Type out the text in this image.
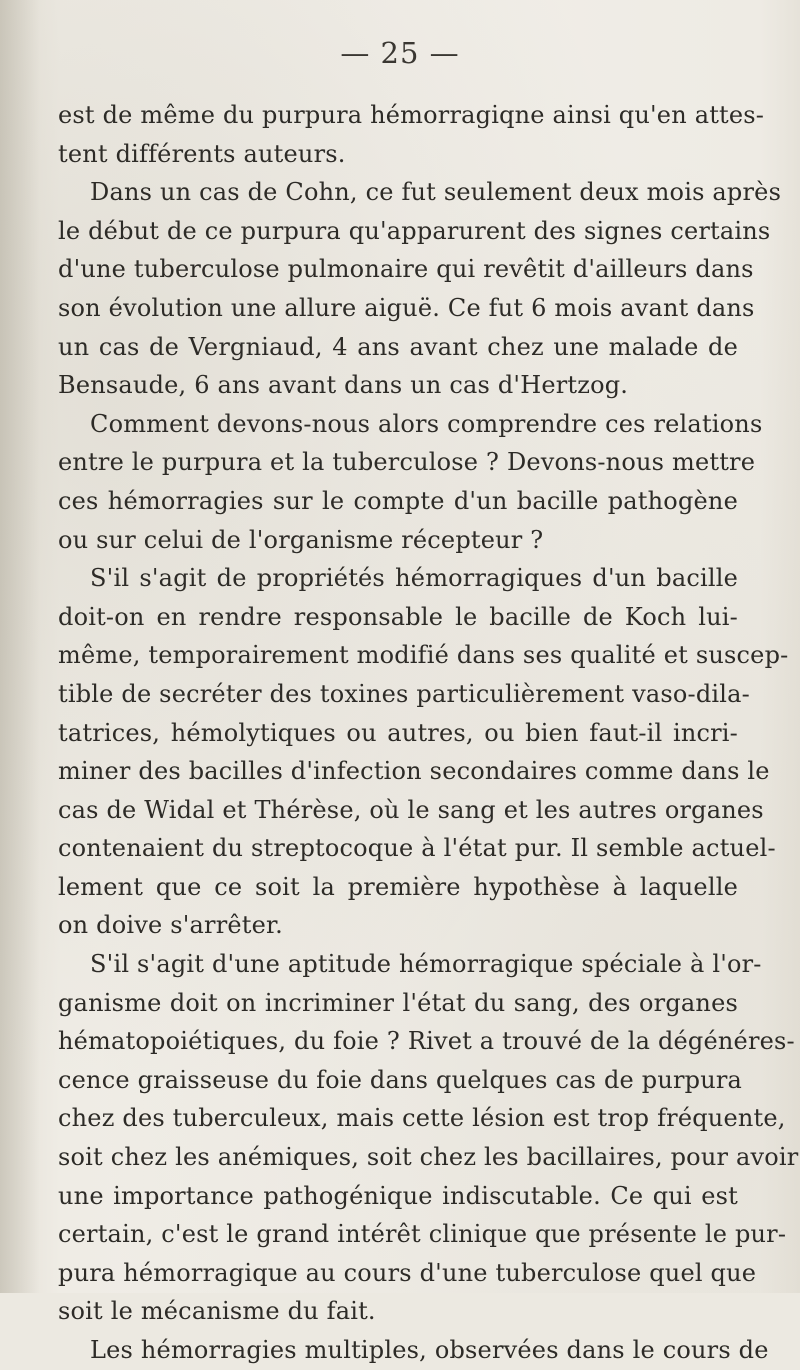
— 25 —
est de même du purpura hémorragiqne ainsi qu'en attes-
tent différents auteurs.
Dans un cas de Cohn, ce fut seulement deux mois après
le début de ce purpura qu'apparurent des signes certains
d'une tuberculose pulmonaire qui revêtit d'ailleurs dans
son évolution une allure aiguë. Ce fut 6 mois avant dans
un cas de Vergniaud, 4 ans avant chez une malade de
Bensaude, 6 ans avant dans un cas d'Hertzog.
Comment devons-nous alors comprendre ces relations
entre le purpura et la tuberculose ? Devons-nous mettre
ces hémorragies sur le compte d'un bacille pathogène
ou sur celui de l'organisme récepteur ?
S'il s'agit de propriétés hémorragiques d'un bacille
doit-on en rendre responsable le bacille de Koch lui-
même, temporairement modifié dans ses qualité et suscep-
tible de secréter des toxines particulièrement vaso-dila-
tatrices, hémolytiques ou autres, ou bien faut-il incri-
miner des bacilles d'infection secondaires comme dans le
cas de Widal et Thérèse, où le sang et les autres organes
contenaient du streptocoque à l'état pur. Il semble actuel-
lement que ce soit la première hypothèse à laquelle
on doive s'arrêter.
S'il s'agit d'une aptitude hémorragique spéciale à l'or-
ganisme doit on incriminer l'état du sang, des organes
hématopoiétiques, du foie ? Rivet a trouvé de la dégénéres-
cence graisseuse du foie dans quelques cas de purpura
chez des tuberculeux, mais cette lésion est trop fréquente,
soit chez les anémiques, soit chez les bacillaires, pour avoir
une importance pathogénique indiscutable. Ce qui est
certain, c'est le grand intérêt clinique que présente le pur-
pura hémorragique au cours d'une tuberculose quel que
soit le mécanisme du fait.
Les hémorragies multiples, observées dans le cours de
